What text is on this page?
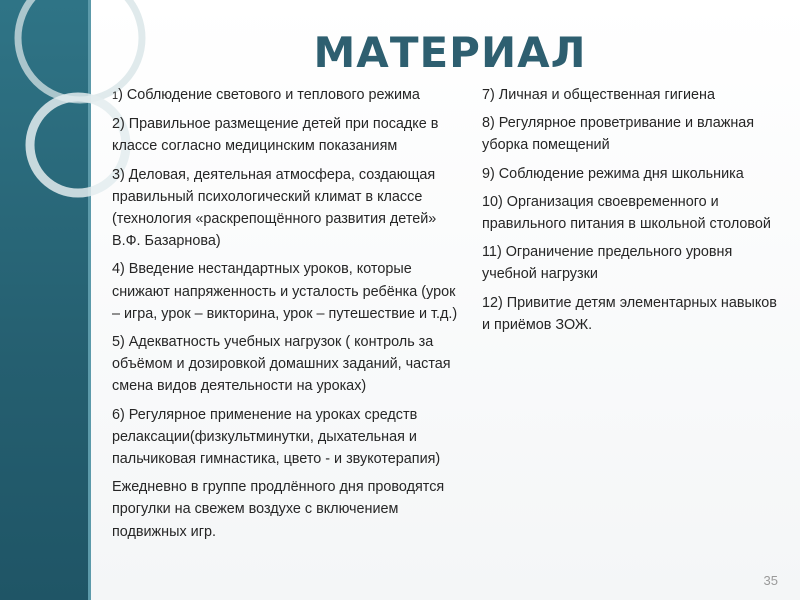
МАТЕРИАЛ

1) Соблюдение светового и теплового режима

2) Правильное размещение детей при посадке в классе согласно медицинским показаниям

3) Деловая, деятельная атмосфера, создающая правильный психологический климат в классе (технология «раскрепощённого развития детей» В.Ф. Базарнова)

4) Введение нестандартных уроков, которые снижают напряженность и усталость ребёнка (урок – игра, урок – викторина, урок – путешествие и т.д.)

5) Адекватность учебных нагрузок ( контроль за объёмом и дозировкой домашних заданий, частая смена видов деятельности на уроках)

6) Регулярное применение на уроках средств релаксации(физкультминутки, дыхательная и пальчиковая гимнастика, цвето - и звукотерапия)

Ежедневно в группе продлённого дня проводятся прогулки на свежем воздухе с включением подвижных игр.

7) Личная и общественная гигиена

8) Регулярное проветривание и влажная уборка помещений

9) Соблюдение режима дня школьника

10) Организация своевременного и правильного питания в школьной столовой

11) Ограничение предельного уровня учебной нагрузки

12) Привитие детям элементарных навыков и приёмов ЗОЖ.

35
